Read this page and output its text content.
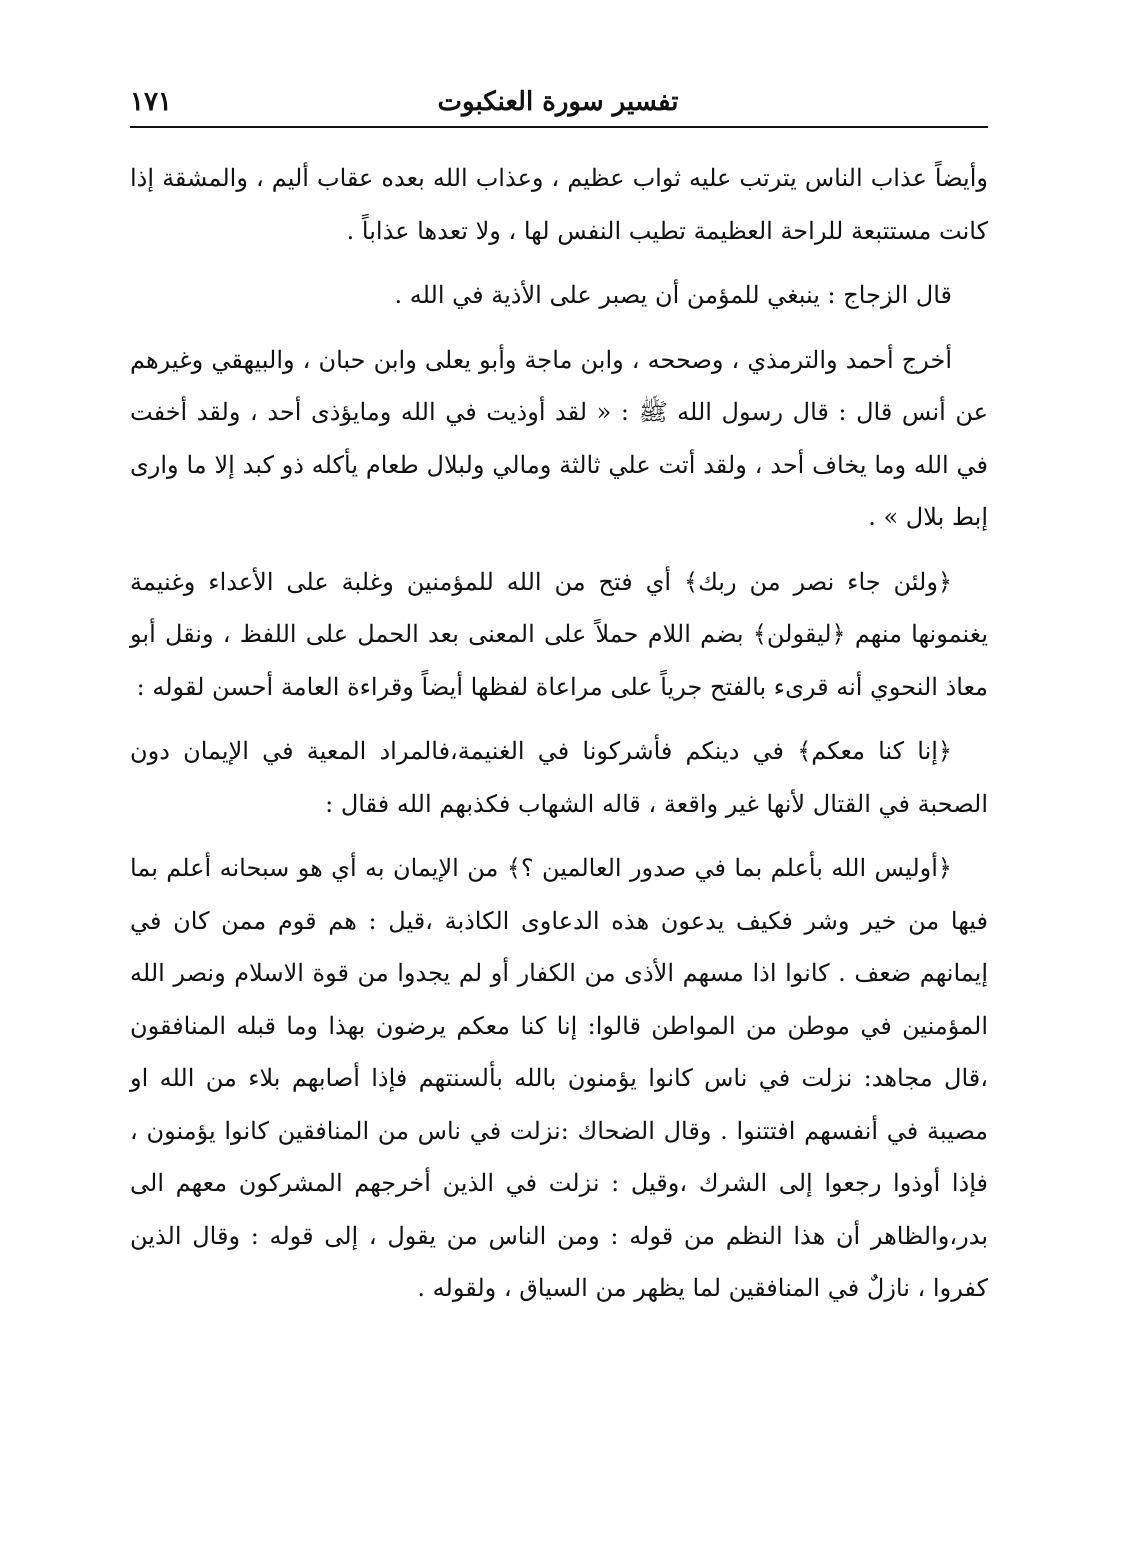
تفسير سورة العنكبوت
١٧١

وأيضاً عذاب الناس يترتب عليه ثواب عظيم ، وعذاب الله بعده عقاب أليم ، والمشقة إذا كانت مستتبعة للراحة العظيمة تطيب النفس لها ، ولا تعدها عذاباً .

قال الزجاج : ينبغي للمؤمن أن يصبر على الأذية في الله .

أخرج أحمد والترمذي ، وصححه ، وابن ماجة وأبو يعلى وابن حبان ، والبيهقي وغيرهم عن أنس قال : قال رسول الله ﷺ : « لقد أوذيت في الله ومايؤذى أحد ، ولقد أخفت في الله وما يخاف أحد ، ولقد أتت علي ثالثة ومالي ولبلال طعام يأكله ذو كبد إلا ما وارى إبط بلال » .

﴿ولئن جاء نصر من ربك﴾ أي فتح من الله للمؤمنين وغلبة على الأعداء وغنيمة يغنمونها منهم ﴿ليقولن﴾ بضم اللام حملاً على المعنى بعد الحمل على اللفظ ، ونقل أبو معاذ النحوي أنه قرىء بالفتح جرياً على مراعاة لفظها أيضاً وقراءة العامة أحسن لقوله :

﴿إنا كنا معكم﴾ في دينكم فأشركونا في الغنيمة،فالمراد المعية في الإيمان دون الصحبة في القتال لأنها غير واقعة ، قاله الشهاب فكذبهم الله فقال :

﴿أوليس الله بأعلم بما في صدور العالمين ؟﴾ من الإيمان به أي هو سبحانه أعلم بما فيها من خير وشر فكيف يدعون هذه الدعاوى الكاذبة ،قيل : هم قوم ممن كان في إيمانهم ضعف . كانوا اذا مسهم الأذى من الكفار أو لم يجدوا من قوة الاسلام ونصر الله المؤمنين في موطن من المواطن قالوا: إنا كنا معكم يرضون بهذا وما قبله المنافقون ،قال مجاهد: نزلت في ناس كانوا يؤمنون بالله بألسنتهم فإذا أصابهم بلاء من الله او مصيبة في أنفسهم افتتنوا . وقال الضحاك :نزلت في ناس من المنافقين كانوا يؤمنون ، فإذا أوذوا رجعوا إلى الشرك ،وقيل : نزلت في الذين أخرجهم المشركون معهم الى بدر،والظاهر أن هذا النظم من قوله : ومن الناس من يقول ، إلى قوله : وقال الذين كفروا ، نازلٌ في المنافقين لما يظهر من السياق ، ولقوله .
